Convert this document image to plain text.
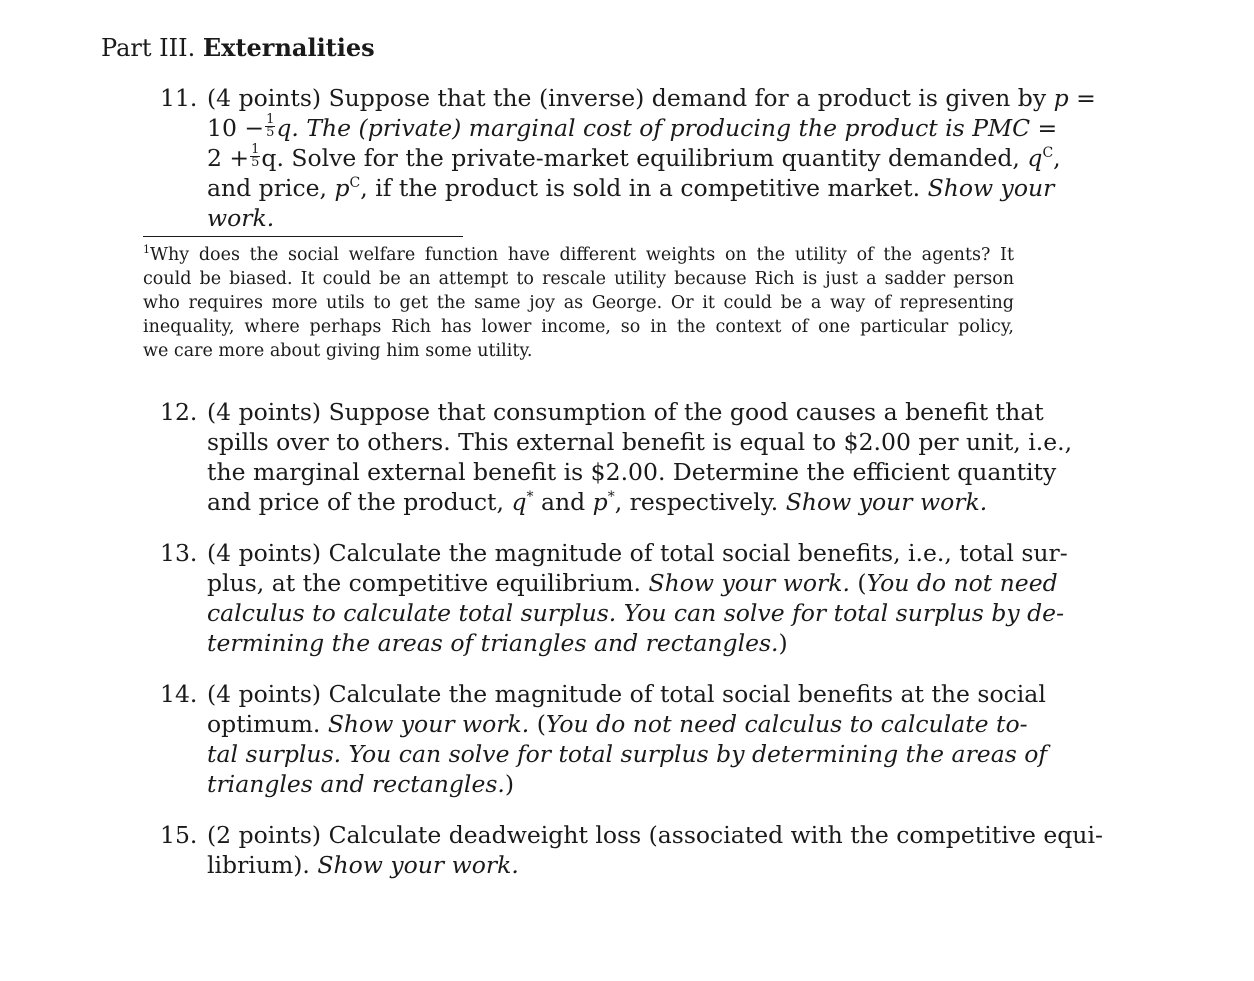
Part III. Externalities
11. (4 points) Suppose that the (inverse) demand for a product is given by p =
$10 - \frac{1}{5} q$. The (private) marginal cost of producing the product is PMC =
$2 + \frac{1}{5} q$. Solve for the private-market equilibrium quantity demanded, $q^C$,
and price, $p^C$, if the product is sold in a competitive market. Show your
work.
$^1$Why does the social welfare function have different weights on the utility of the agents? It
could be biased. It could be an attempt to rescale utility because Rich is just a sadder person
who requires more utils to get the same joy as George. Or it could be a way of representing
inequality, where perhaps Rich has lower income, so in the context of one particular policy,
we care more about giving him some utility.
12. (4 points) Suppose that consumption of the good causes a benefit that
spills over to others. This external benefit is equal to $2.00 per unit, i.e.,
the marginal external benefit is $2.00. Determine the efficient quantity
and price of the product, q* and p*, respectively. Show your work.
13. (4 points) Calculate the magnitude of total social benefits, i.e., total sur-
plus, at the competitive equilibrium. Show your work. (You do not need
calculus to calculate total surplus. You can solve for total surplus by de-
termining the areas of triangles and rectangles.)
14. (4 points) Calculate the magnitude of total social benefits at the social
optimum. Show your work. (You do not need calculus to calculate to-
tal surplus. You can solve for total surplus by determining the areas of
triangles and rectangles.)
15. (2 points) Calculate deadweight loss (associated with the competitive equi-
librium). Show your work.
